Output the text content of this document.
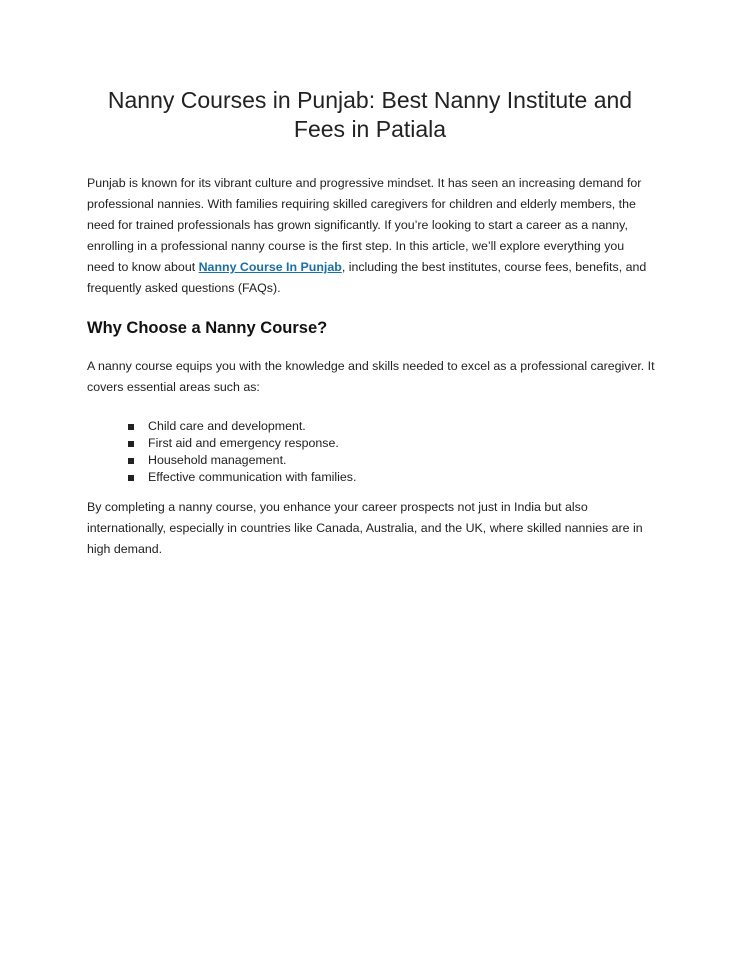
Nanny Courses in Punjab: Best Nanny Institute and Fees in Patiala

Punjab is known for its vibrant culture and progressive mindset. It has seen an increasing demand for professional nannies. With families requiring skilled caregivers for children and elderly members, the need for trained professionals has grown significantly. If you’re looking to start a career as a nanny, enrolling in a professional nanny course is the first step. In this article, we’ll explore everything you need to know about Nanny Course In Punjab, including the best institutes, course fees, benefits, and frequently asked questions (FAQs).

Why Choose a Nanny Course?

A nanny course equips you with the knowledge and skills needed to excel as a professional caregiver. It covers essential areas such as:

Child care and development.
First aid and emergency response.
Household management.
Effective communication with families.

By completing a nanny course, you enhance your career prospects not just in India but also internationally, especially in countries like Canada, Australia, and the UK, where skilled nannies are in high demand.
